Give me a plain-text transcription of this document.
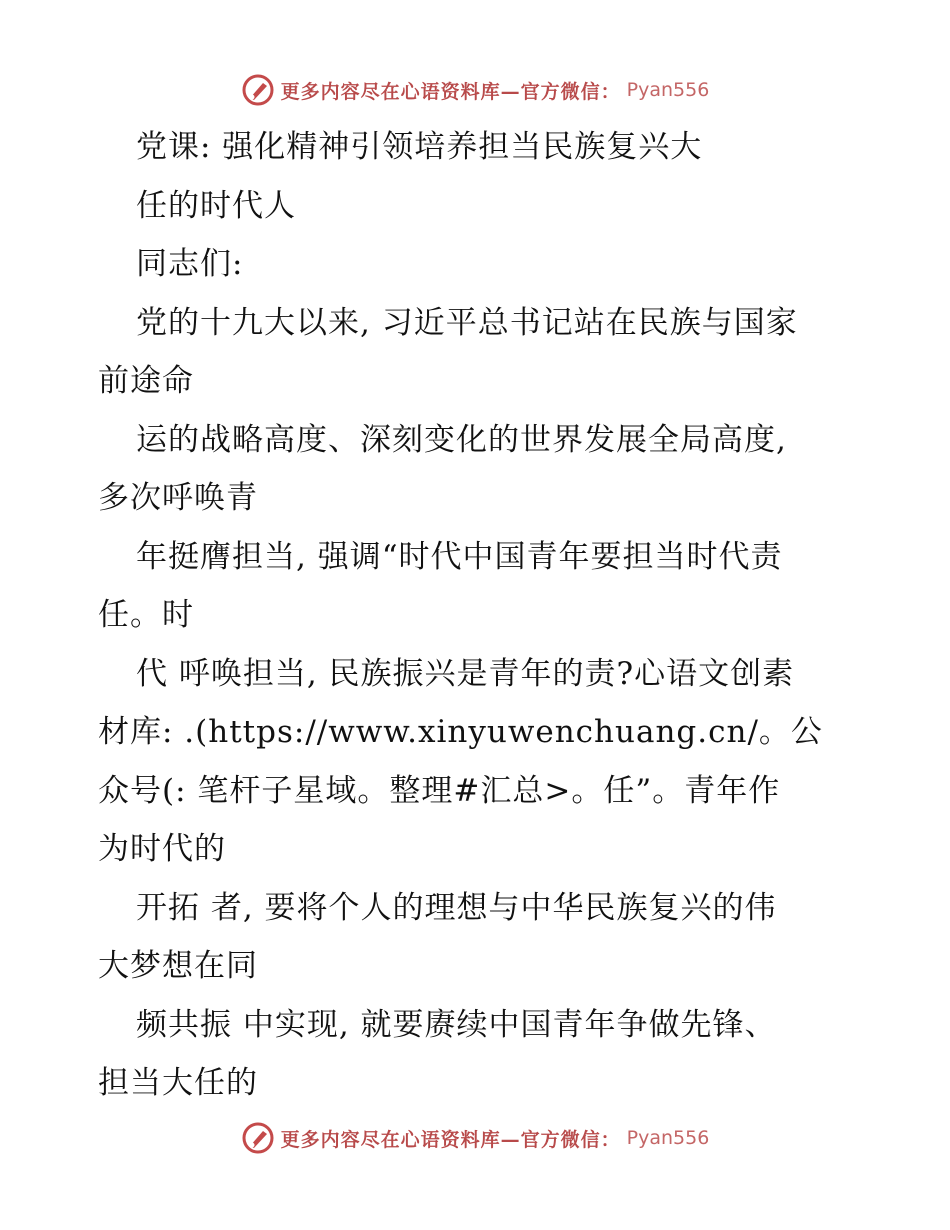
更多内容尽在心语资料库—官方微信： Pyan556
党课: 强化精神引领培养担当民族复兴大
任的时代人
同志们:
党的十九大以来, 习近平总书记站在民族与国家
前途命
运的战略高度、深刻变化的世界发展全局高度,
多次呼唤青
年挺膺担当, 强调“时代中国青年要担当时代责
任。时
代 呼唤担当, 民族振兴是青年的责?心语文创素
材库: .(https://www.xinyuwenchuang.cn/。公
众号(: 笔杆子星域。整理#汇总>。任”。青年作
为时代的
开拓 者, 要将个人的理想与中华民族复兴的伟
大梦想在同
频共振 中实现, 就要赓续中国青年争做先锋、
担当大任的
更多内容尽在心语资料库—官方微信： Pyan556
